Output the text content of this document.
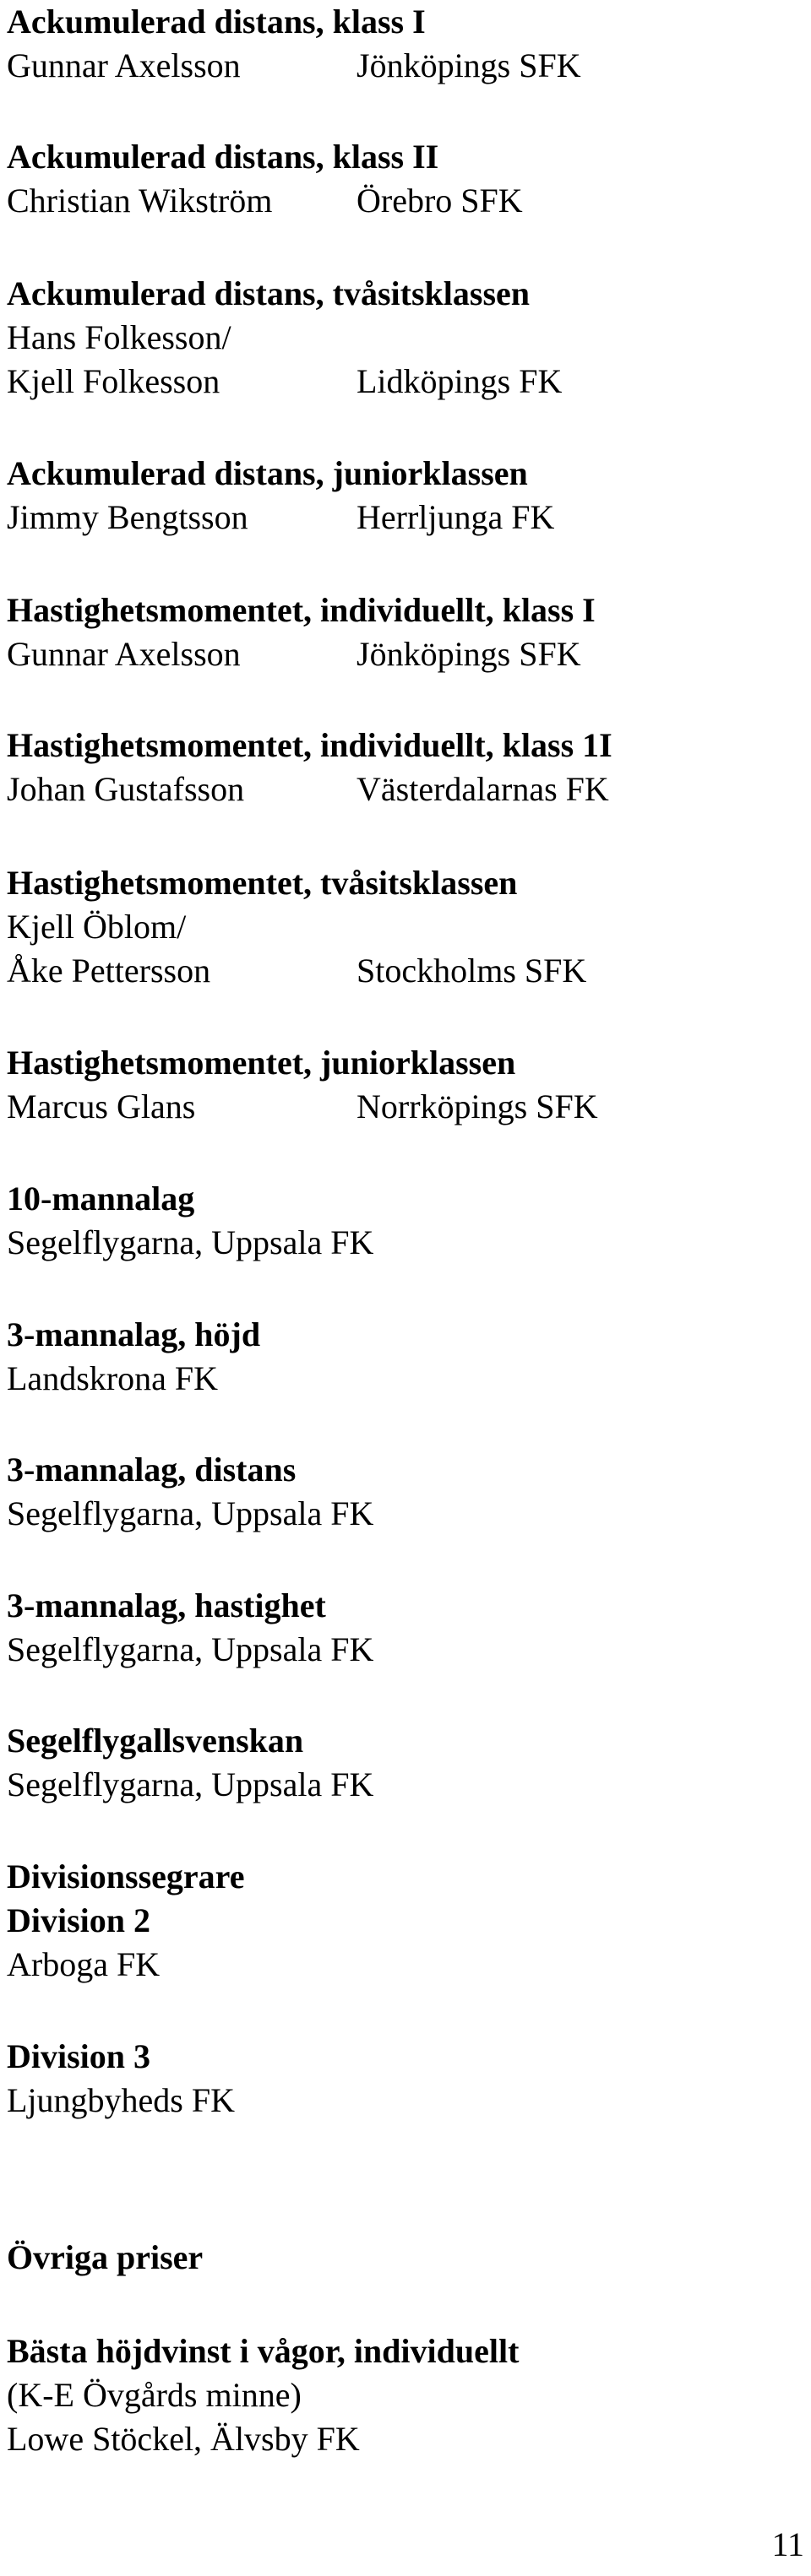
Ackumulerad distans, klass I
Gunnar Axelsson	Jönköpings SFK
Ackumulerad distans, klass II
Christian Wikström	Örebro SFK
Ackumulerad distans, tvåsitsklassen
Hans Folkesson/
Kjell Folkesson	Lidköpings FK
Ackumulerad distans, juniorklassen
Jimmy Bengtsson	Herrljunga FK
Hastighetsmomentet, individuellt, klass I
Gunnar Axelsson	Jönköpings SFK
Hastighetsmomentet, individuellt, klass 1I
Johan Gustafsson	Västerdalarnas FK
Hastighetsmomentet, tvåsitsklassen
Kjell Öblom/
Åke Pettersson	Stockholms SFK
Hastighetsmomentet, juniorklassen
Marcus Glans	Norrköpings SFK
10-mannalag
Segelflygarna, Uppsala FK
3-mannalag, höjd
Landskrona FK
3-mannalag, distans
Segelflygarna, Uppsala FK
3-mannalag, hastighet
Segelflygarna, Uppsala FK
Segelflygallsvenskan
Segelflygarna, Uppsala FK
Divisionssegrare
Division 2
Arboga FK
Division 3
Ljungbyheds FK
Övriga priser
Bästa höjdvinst i vågor, individuellt
(K-E Övgårds minne)
Lowe Stöckel, Älvsby FK
11
